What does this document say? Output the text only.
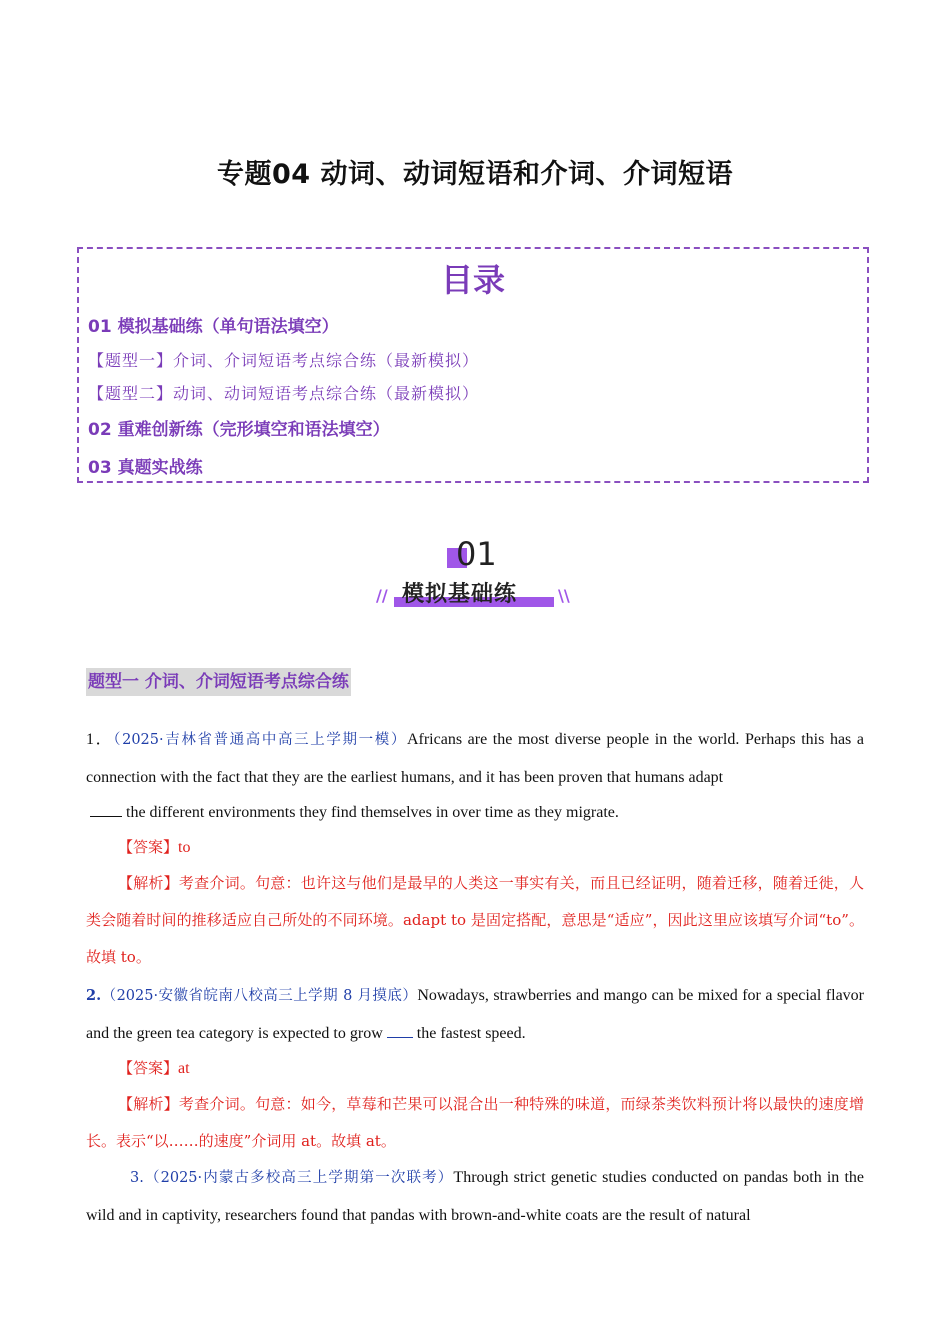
专题04 动词、动词短语和介词、介词短语
目录
01 模拟基础练（单句语法填空）
【题型一】介词、介词短语考点综合练（最新模拟）
【题型二】动词、动词短语考点综合练（最新模拟）
02 重难创新练（完形填空和语法填空）
03 真题实战练
01
模拟基础练
//	\\
题型一 介词、介词短语考点综合练

1．（2025·吉林省普通高中高三上学期一模）Africans are the most diverse people in the world. Perhaps this has a connection with the fact that they are the earliest humans, and it has been proven that humans adapt

the different environments they find themselves in over time as they migrate.

【答案】to

【解析】考查介词。句意：也许这与他们是最早的人类这一事实有关，而且已经证明，随着迁移，随着迁徙，人类会随着时间的推移适应自己所处的不同环境。adapt to 是固定搭配，意思是“适应”，因此这里应该填写介词“to”。故填 to。

2.（2025·安徽省皖南八校高三上学期 8 月摸底）Nowadays, strawberries and mango can be mixed for a special flavor and the green tea category is expected to grow the fastest speed.

【答案】at

【解析】考查介词。句意：如今，草莓和芒果可以混合出一种特殊的味道，而绿茶类饮料预计将以最快的速度增长。表示“以……的速度”介词用 at。故填 at。

3.（2025·内蒙古多校高三上学期第一次联考）Through strict genetic studies conducted on pandas both in the wild and in captivity, researchers found that pandas with brown-and-white coats are the result of natural
